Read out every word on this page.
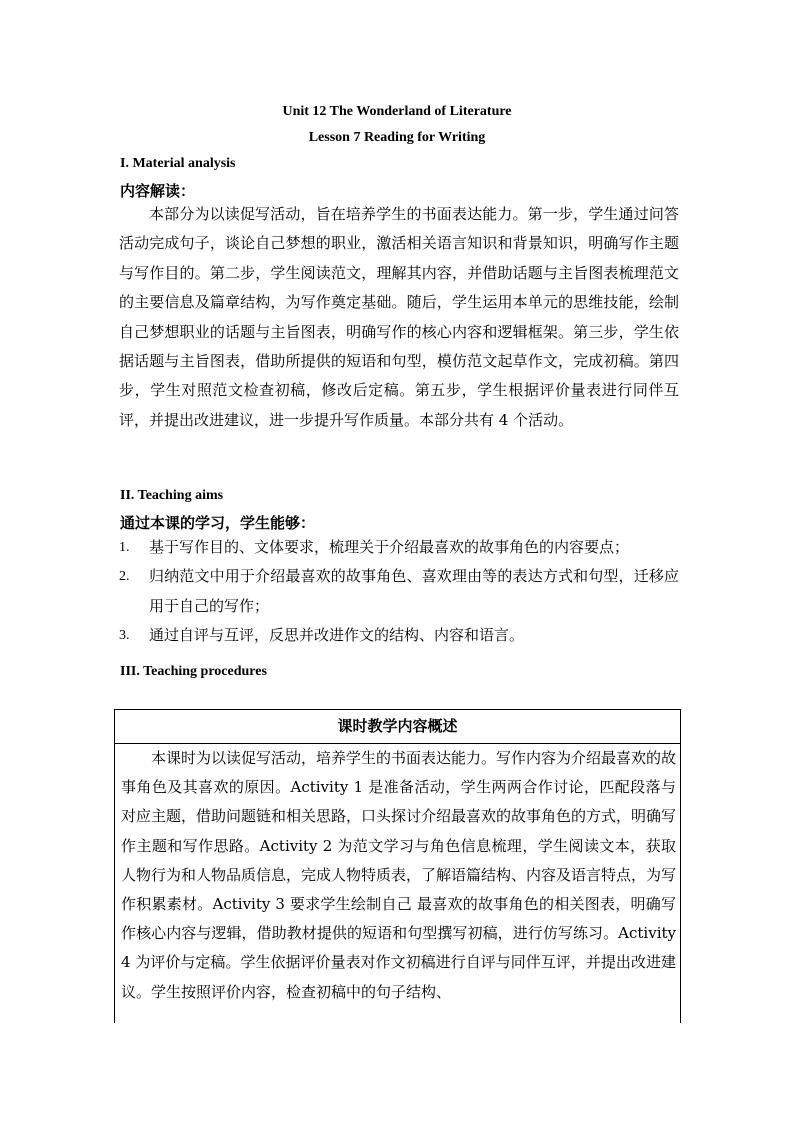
Unit 12 The Wonderland of Literature
Lesson 7 Reading for Writing
I. Material analysis
内容解读：

本部分为以读促写活动，旨在培养学生的书面表达能力。第一步，学生通过问答活动完成句子，谈论自己梦想的职业，激活相关语言知识和背景知识，明确写作主题与写作目的。第二步，学生阅读范文，理解其内容，并借助话题与主旨图表梳理范文的主要信息及篇章结构，为写作奠定基础。随后，学生运用本单元的思维技能，绘制自己梦想职业的话题与主旨图表，明确写作的核心内容和逻辑框架。第三步，学生依据话题与主旨图表，借助所提供的短语和句型，模仿范文起草作文，完成初稿。第四步，学生对照范文检查初稿，修改后定稿。第五步，学生根据评价量表进行同伴互评，并提出改进建议，进一步提升写作质量。本部分共有 4 个活动。

II. Teaching aims
通过本课的学习，学生能够：
1. 基于写作目的、文体要求，梳理关于介绍最喜欢的故事角色的内容要点；
2. 归纳范文中用于介绍最喜欢的故事角色、喜欢理由等的表达方式和句型，迁移应用于自己的写作；
3. 通过自评与互评，反思并改进作文的结构、内容和语言。
III. Teaching procedures
课时教学内容概述

本课时为以读促写活动，培养学生的书面表达能力。写作内容为介绍最喜欢的故事角色及其喜欢的原因。Activity 1 是准备活动，学生两两合作讨论，匹配段落与对应主题，借助问题链和相关思路，口头探讨介绍最喜欢的故事角色的方式，明确写作主题和写作思路。Activity 2 为范文学习与角色信息梳理，学生阅读文本，获取人物行为和人物品质信息，完成人物特质表，了解语篇结构、内容及语言特点，为写作积累素材。Activity 3 要求学生绘制自己 最喜欢的故事角色的相关图表，明确写作核心内容与逻辑，借助教材提供的短语和句型撰写初稿，进行仿写练习。Activity 4 为评价与定稿。学生依据评价量表对作文初稿进行自评与同伴互评，并提出改进建议。学生按照评价内容，检查初稿中的句子结构、
